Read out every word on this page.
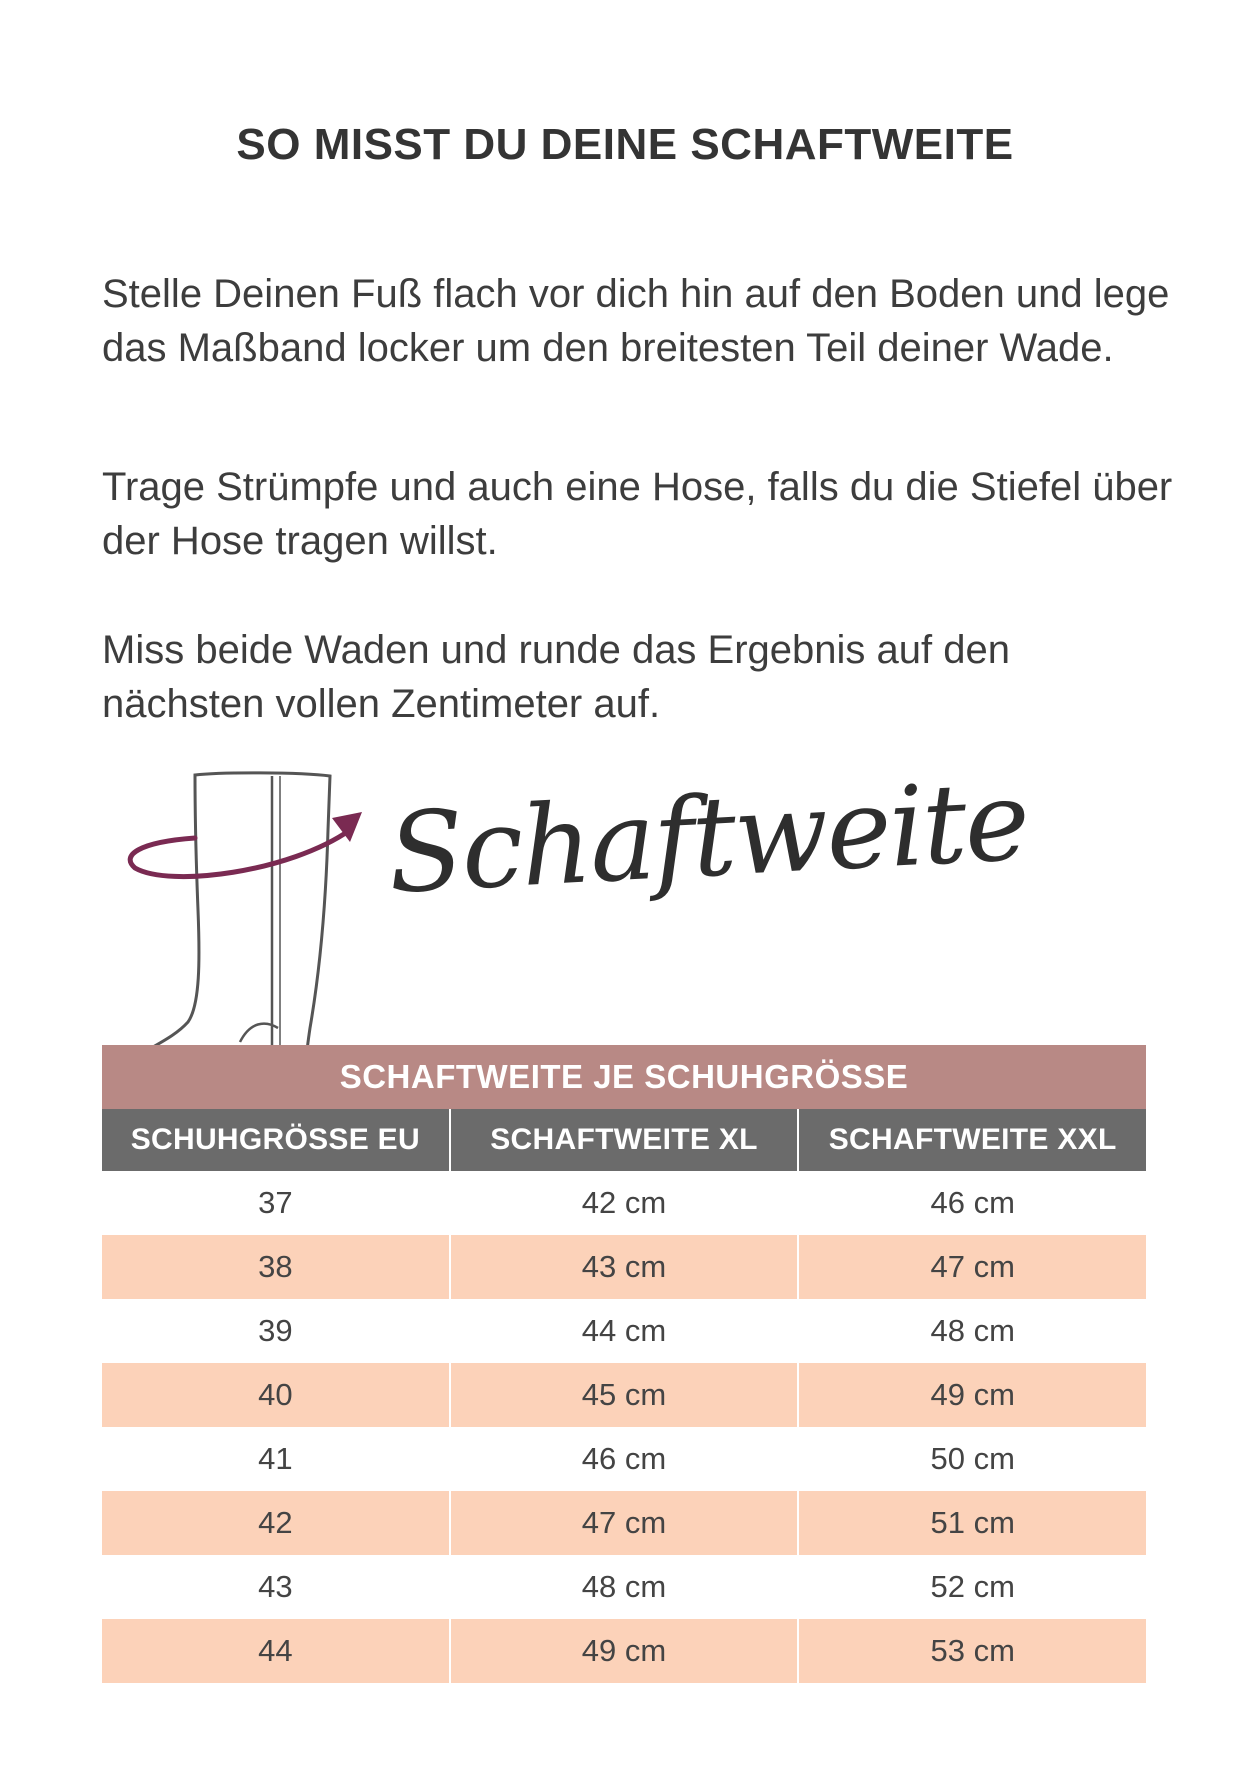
SO MISST DU DEINE SCHAFTWEITE
Stelle Deinen Fuß flach vor dich hin auf den Boden und lege das Maßband locker um den breitesten Teil deiner Wade.
Trage Strümpfe und auch eine Hose, falls du die Stiefel über der Hose tragen willst.
Miss beide Waden und runde das Ergebnis auf den nächsten vollen Zentimeter auf.
Schaftweite
SCHAFTWEITE JE SCHUHGRÖSSE
SCHUHGRÖSSE EU	SCHAFTWEITE XL	SCHAFTWEITE XXL
37	42 cm	46 cm
38	43 cm	47 cm
39	44 cm	48 cm
40	45 cm	49 cm
41	46 cm	50 cm
42	47 cm	51 cm
43	48 cm	52 cm
44	49 cm	53 cm
